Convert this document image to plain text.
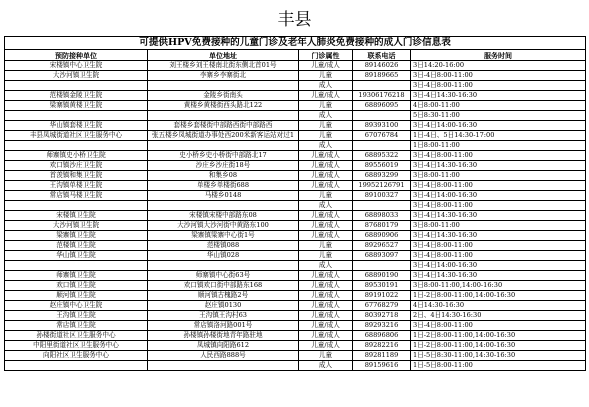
丰县
可提供HPV免费接种的儿童门诊及老年人肺炎免费接种的成人门诊信息表				
预防接种单位	单位地址	门诊属性	联系电话	服务时间
宋楼镇中心卫生院	刘王楼乡刘王楼南北街东侧北首01号	儿童/成人	89146026	3日14:20-16:00
大沙河镇卫生院	李寨乡李寨街北	儿童	89189665	3日-4日8:00-11:00
		成人		3日-4日8:00-11:00
范楼镇金陵卫生院	金陵乡街南头	儿童/成人	19306176218	3日-4日14:30-16:30
梁寨镇黄楼卫生院	黄楼乡黄楼街西头路北122	儿童	68896095	4日8:00-11:00
		成人		5日8:30-11:00
华山镇套楼卫生院	套楼乡套楼街中部路西街中部路西	儿童	89393100	3日-4日14:00-16:30
丰县凤城街道社区卫生服务中心	张五楼乡凤城街道办事处西200米新客运站对过1	儿童	67076784	1日-4日、5日14:30-17:00
		成人		1日8:00-11:00
师寨镇史小桥卫生院	史小桥乡史小桥街中部路北17	儿童/成人	68895322	3日-4日8:00-11:00
欢口镇沙庄卫生院	沙庄乡沙庄街18号	儿童/成人	89556019	3日-4日14:30-16:30
首羡镇和集卫生院	和集乡08	儿童/成人	68893299	3日8:00-11:00
王沟镇单楼卫生院	单楼乡单楼街688	儿童/成人	19952126791	3日-4日8:00-11:00
常店镇马楼卫生院	马楼乡0148	儿童	89100327	3日-4日14:00-16:30
		成人		3日-4日8:00-11:00
宋楼镇卫生院	宋楼镇宋楼中部路东08	儿童/成人	68898033	3日-4日14:30-16:30
大沙河镇卫生院	大沙河镇大沙河街中黄路东100	儿童/成人	87680179	3日8:00-11:00
梁寨镇卫生院	梁寨镇梁寨中心街1号	儿童/成人	68890906	3日-4日14:30-16:30
范楼镇卫生院	范楼镇088	儿童	89296527	3日-4日8:00-11:00
华山镇卫生院	华山镇028	儿童	68893097	3日-4日8:00-11:00
		成人		3日-4日14:00-16:30
师寨镇卫生院	师寨镇中心街63号	儿童/成人	68890190	3日-4日14:30-16:30
欢口镇卫生院	欢口镇欢口街中部路东168	儿童/成人	89530191	3日8:00-11:00,14:00-16:30
顺河镇卫生院	顺河镇古槐路2号	儿童/成人	89191022	1日-2日8:00-11:00,14:00-16:30
赵庄镇中心卫生院	赵庄镇0130	儿童/成人	67768279	4日14:30-16:30
王沟镇卫生院	王沟镇王沟村63	儿童/成人	80392718	2日、4日14:30-16:30
常店镇卫生院	常店镇洛河路001号	儿童/成人	89293216	3日-4日8:00-11:00
孙楼街道社区卫生服务中心	孙楼镇孙楼街地青年路驻地	儿童/成人	68896806	1日-2日8:00-11:00,14:00-16:30
中阳里街道社区卫生服务中心	凤城镇向阳路612	儿童/成人	89282216	1日-2日8:00-11:00,14:00-16:30
向阳社区卫生服务中心	人民西路888号	儿童	89281189	1日-5日8:30-11:00,14:30-16:30
		成人	89159616	1日-5日8:00-11:00
